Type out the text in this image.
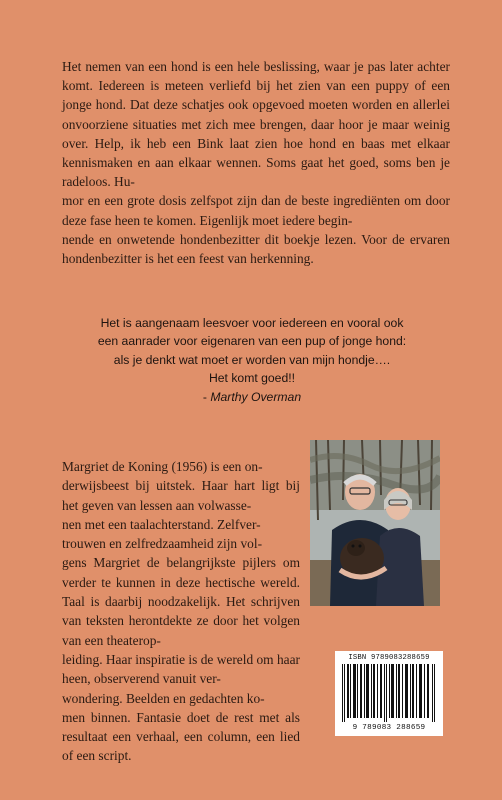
Het nemen van een hond is een hele beslissing, waar je pas later achter komt. Iedereen is meteen verliefd bij het zien van een puppy of een jonge hond. Dat deze schatjes ook opgevoed moeten worden en allerlei onvoorziene situaties met zich mee brengen, daar hoor je maar weinig over. Help, ik heb een Bink laat zien hoe hond en baas met elkaar kennismaken en aan elkaar wennen. Soms gaat het goed, soms ben je radeloos. Hu-
mor en een grote dosis zelfspot zijn dan de beste ingrediënten om door deze fase heen te komen. Eigenlijk moet iedere begin-
nende en onwetende hondenbezitter dit boekje lezen. Voor de ervaren hondenbezitter is het een feest van herkenning.
Het is aangenaam leesvoer voor iedereen en vooral ook
een aanrader voor eigenaren van een pup of jonge hond:
als je denkt wat moet er worden van mijn hondje….
Het komt goed!!
- Marthy Overman
Margriet de Koning (1956) is een on-
derwijsbeest bij uitstek. Haar hart ligt bij het geven van lessen aan volwasse-
nen met een taalachterstand. Zelfver-
trouwen en zelfredzaamheid zijn vol-
gens Margriet de belangrijkste pijlers om verder te kunnen in deze hectische wereld. Taal is daarbij noodzakelijk. Het schrijven van teksten herontdekte ze door het volgen van een theaterop-
leiding. Haar inspiratie is de wereld om haar heen, observerend vanuit ver-
wondering. Beelden en gedachten ko-
men binnen. Fantasie doet de rest met als resultaat een verhaal, een column, een lied of een script.
ISBN 9789083288659
9 789083 288659
